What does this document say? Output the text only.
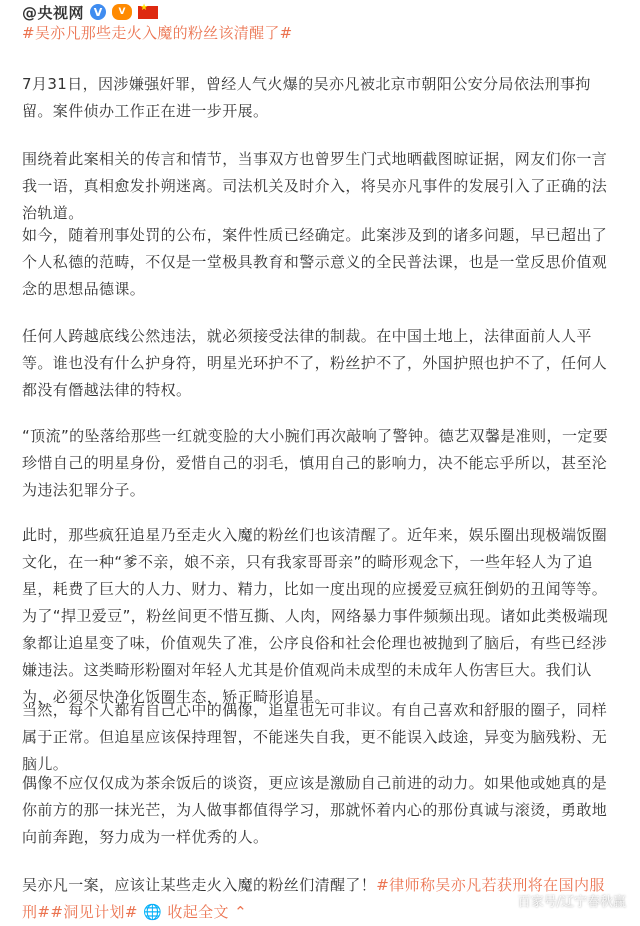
@央视网 V	V
★
#吴亦凡那些走火入魔的粉丝该清醒了#
7月31日，因涉嫌强奸罪，曾经人气火爆的吴亦凡被北京市朝阳公安分局依法刑事拘留。案件侦办工作正在进一步开展。
围绕着此案相关的传言和情节，当事双方也曾罗生门式地晒截图晾证据，网友们你一言我一语，真相愈发扑朔迷离。司法机关及时介入，将吴亦凡事件的发展引入了正确的法治轨道。
如今，随着刑事处罚的公布，案件性质已经确定。此案涉及到的诸多问题，早已超出了个人私德的范畴，不仅是一堂极具教育和警示意义的全民普法课，也是一堂反思价值观念的思想品德课。
任何人跨越底线公然违法，就必须接受法律的制裁。在中国土地上，法律面前人人平等。谁也没有什么护身符，明星光环护不了，粉丝护不了，外国护照也护不了，任何人都没有僭越法律的特权。
“顶流”的坠落给那些一红就变脸的大小腕们再次敲响了警钟。德艺双馨是准则，一定要珍惜自己的明星身份，爱惜自己的羽毛，慎用自己的影响力，决不能忘乎所以，甚至沦为违法犯罪分子。
此时，那些疯狂追星乃至走火入魔的粉丝们也该清醒了。近年来，娱乐圈出现极端饭圈文化，在一种“爹不亲，娘不亲，只有我家哥哥亲”的畸形观念下，一些年轻人为了追星，耗费了巨大的人力、财力、精力，比如一度出现的应援爱豆疯狂倒奶的丑闻等等。为了“捍卫爱豆”，粉丝间更不惜互撕、人肉，网络暴力事件频频出现。诸如此类极端现象都让追星变了味，价值观失了准，公序良俗和社会伦理也被抛到了脑后，有些已经涉嫌违法。这类畸形粉圈对年轻人尤其是价值观尚未成型的未成年人伤害巨大。我们认为，必须尽快净化饭圈生态，矫正畸形追星。
当然，每个人都有自己心中的偶像，追星也无可非议。有自己喜欢和舒服的圈子，同样属于正常。但追星应该保持理智，不能迷失自我，更不能误入歧途，异变为脑残粉、无脑儿。
偶像不应仅仅成为茶余饭后的谈资，更应该是激励自己前进的动力。如果他或她真的是你前方的那一抹光芒，为人做事都值得学习，那就怀着内心的那份真诚与滚烫，勇敢地向前奔跑，努力成为一样优秀的人。
吴亦凡一案，应该让某些走火入魔的粉丝们清醒了！#律师称吴亦凡若获刑将在国内服刑##洞见计划# 🌐 收起全文 ⌃
百家号/辽宁春秋赢
